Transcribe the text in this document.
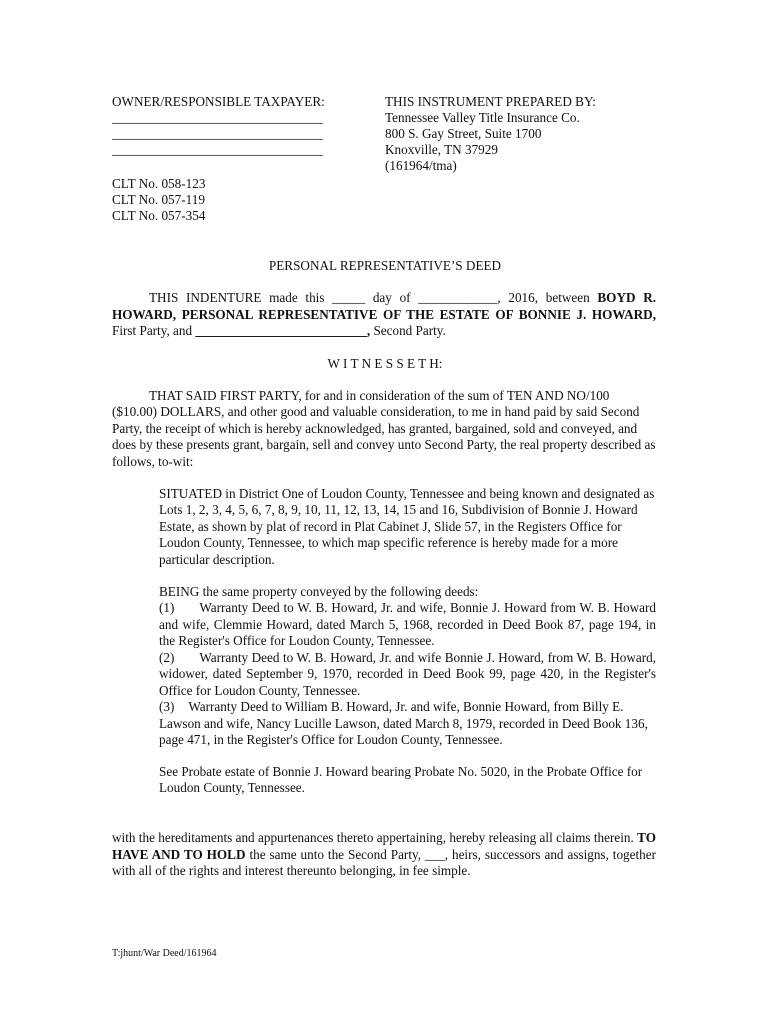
OWNER/RESPONSIBLE TAXPAYER:
________________________________
________________________________
________________________________
THIS INSTRUMENT PREPARED BY:
Tennessee Valley Title Insurance Co.
800 S. Gay Street, Suite 1700
Knoxville, TN 37929
(161964/tma)
CLT No. 058-123
CLT No. 057-119
CLT No. 057-354
PERSONAL REPRESENTATIVE’S DEED
THIS INDENTURE made this _____ day of ____________, 2016, between BOYD R. HOWARD, PERSONAL REPRESENTATIVE OF THE ESTATE OF BONNIE J. HOWARD, First Party, and __________________________, Second Party.
W I T N E S S E T H:
THAT SAID FIRST PARTY, for and in consideration of the sum of TEN AND NO/100 ($10.00) DOLLARS, and other good and valuable consideration, to me in hand paid by said Second Party, the receipt of which is hereby acknowledged, has granted, bargained, sold and conveyed, and does by these presents grant, bargain, sell and convey unto Second Party, the real property described as follows, to-wit:
SITUATED in District One of Loudon County, Tennessee and being known and designated as Lots 1, 2, 3, 4, 5, 6, 7, 8, 9, 10, 11, 12, 13, 14, 15 and 16, Subdivision of Bonnie J. Howard Estate, as shown by plat of record in Plat Cabinet J, Slide 57, in the Registers Office for Loudon County, Tennessee, to which map specific reference is hereby made for a more particular description.
BEING the same property conveyed by the following deeds:
(1) Warranty Deed to W. B. Howard, Jr. and wife, Bonnie J. Howard from W. B. Howard and wife, Clemmie Howard, dated March 5, 1968, recorded in Deed Book 87, page 194, in the Register's Office for Loudon County, Tennessee.
(2) Warranty Deed to W. B. Howard, Jr. and wife Bonnie J. Howard, from W. B. Howard, widower, dated September 9, 1970, recorded in Deed Book 99, page 420, in the Register's Office for Loudon County, Tennessee.
(3) Warranty Deed to William B. Howard, Jr. and wife, Bonnie Howard, from Billy E. Lawson and wife, Nancy Lucille Lawson, dated March 8, 1979, recorded in Deed Book 136, page 471, in the Register's Office for Loudon County, Tennessee.
See Probate estate of Bonnie J. Howard bearing Probate No. 5020, in the Probate Office for Loudon County, Tennessee.
with the hereditaments and appurtenances thereto appertaining, hereby releasing all claims therein. TO HAVE AND TO HOLD the same unto the Second Party, ___, heirs, successors and assigns, together with all of the rights and interest thereunto belonging, in fee simple.
T:jhunt/War Deed/161964
